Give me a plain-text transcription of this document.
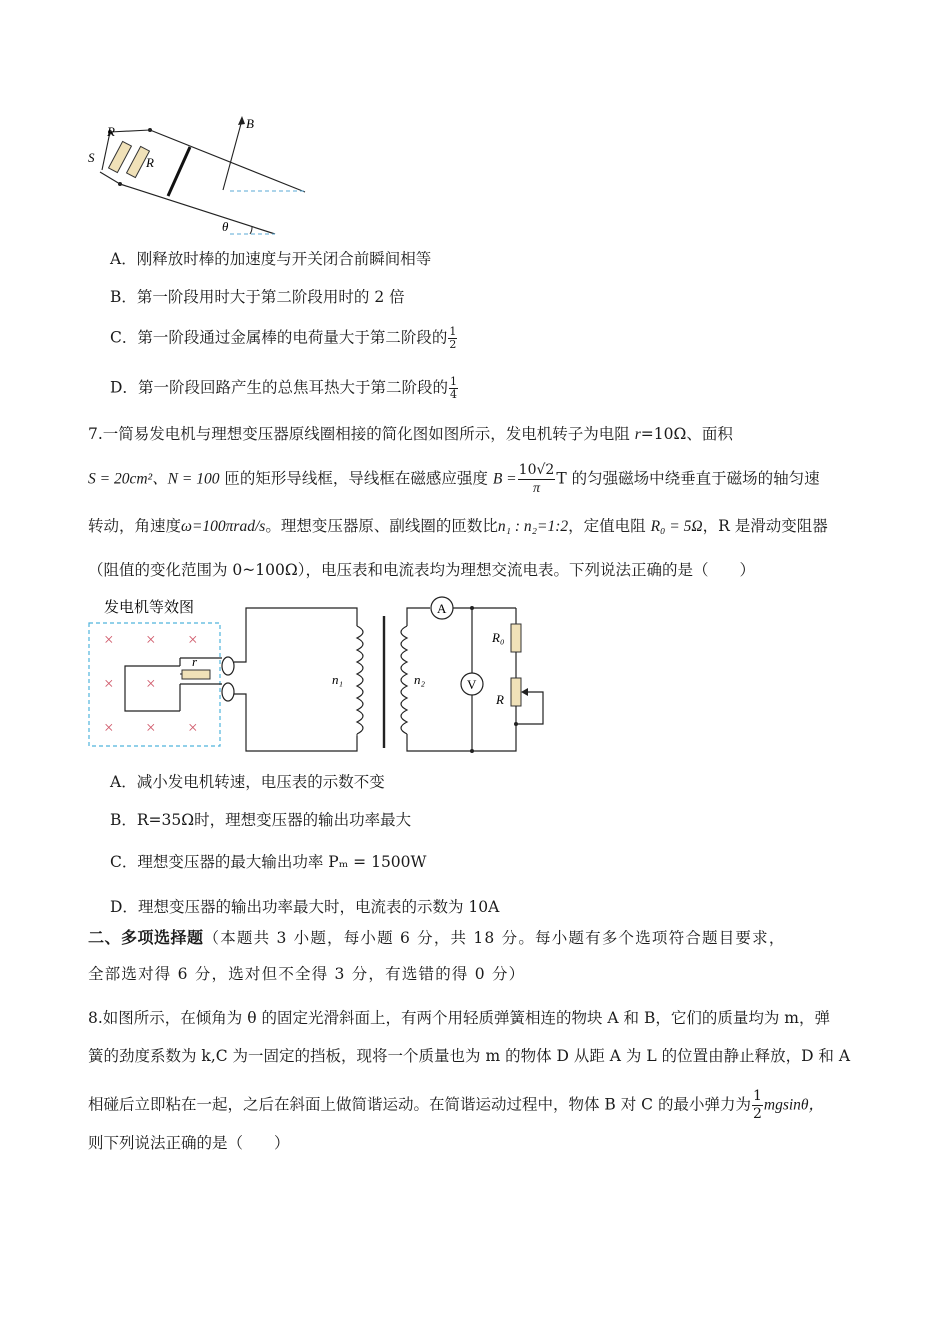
B
R
R
S
θ
A．刚释放时棒的加速度与开关闭合前瞬间相等
B．第一阶段用时大于第二阶段用时的 2 倍
C．第一阶段通过金属棒的电荷量大于第二阶段的 $\frac{1}{2}$
D．第一阶段回路产生的总焦耳热大于第二阶段的 $\frac{1}{4}$
7.一简易发电机与理想变压器原线圈相接的简化图如图所示，发电机转子为电阻 r=10Ω、面积
S = 20cm²、N = 100 匝的矩形导线框，导线框在磁感应强度 $B = \frac{10√2}{\pi}$ T 的匀强磁场中绕垂直于磁场的轴匀速
转动，角速度ω=100πrad/s。理想变压器原、副线圈的匝数比n₁ : n₂=1:2，定值电阻 R₀ = 5Ω，R 是滑动变阻器
（阻值的变化范围为 0~100Ω），电压表和电流表均为理想交流电表。下列说法正确的是（　　）
发电机等效图
× × ×
× ×
× × ×
r
n₁	n₂
A
V
R₀
R
A．减小发电机转速，电压表的示数不变
B．R=35Ω时，理想变压器的输出功率最大
C．理想变压器的最大输出功率 Pₘ = 1500W
D．理想变压器的输出功率最大时，电流表的示数为 10A
二、多项选择题（本题共 3 小题，每小题 6 分，共 18 分。每小题有多个选项符合题目要求，
全部选对得 6 分，选对但不全得 3 分，有选错的得 0 分）
8.如图所示，在倾角为 θ 的固定光滑斜面上，有两个用轻质弹簧相连的物块 A 和 B，它们的质量均为 m，弹
簧的劲度系数为 k,C 为一固定的挡板，现将一个质量也为 m 的物体 D 从距 A 为 L 的位置由静止释放，D 和 A
相碰后立即粘在一起，之后在斜面上做简谐运动。在简谐运动过程中，物体 B 对 C 的最小弹力为 $\frac{1}{2}$ mgsinθ，
则下列说法正确的是（　　）
